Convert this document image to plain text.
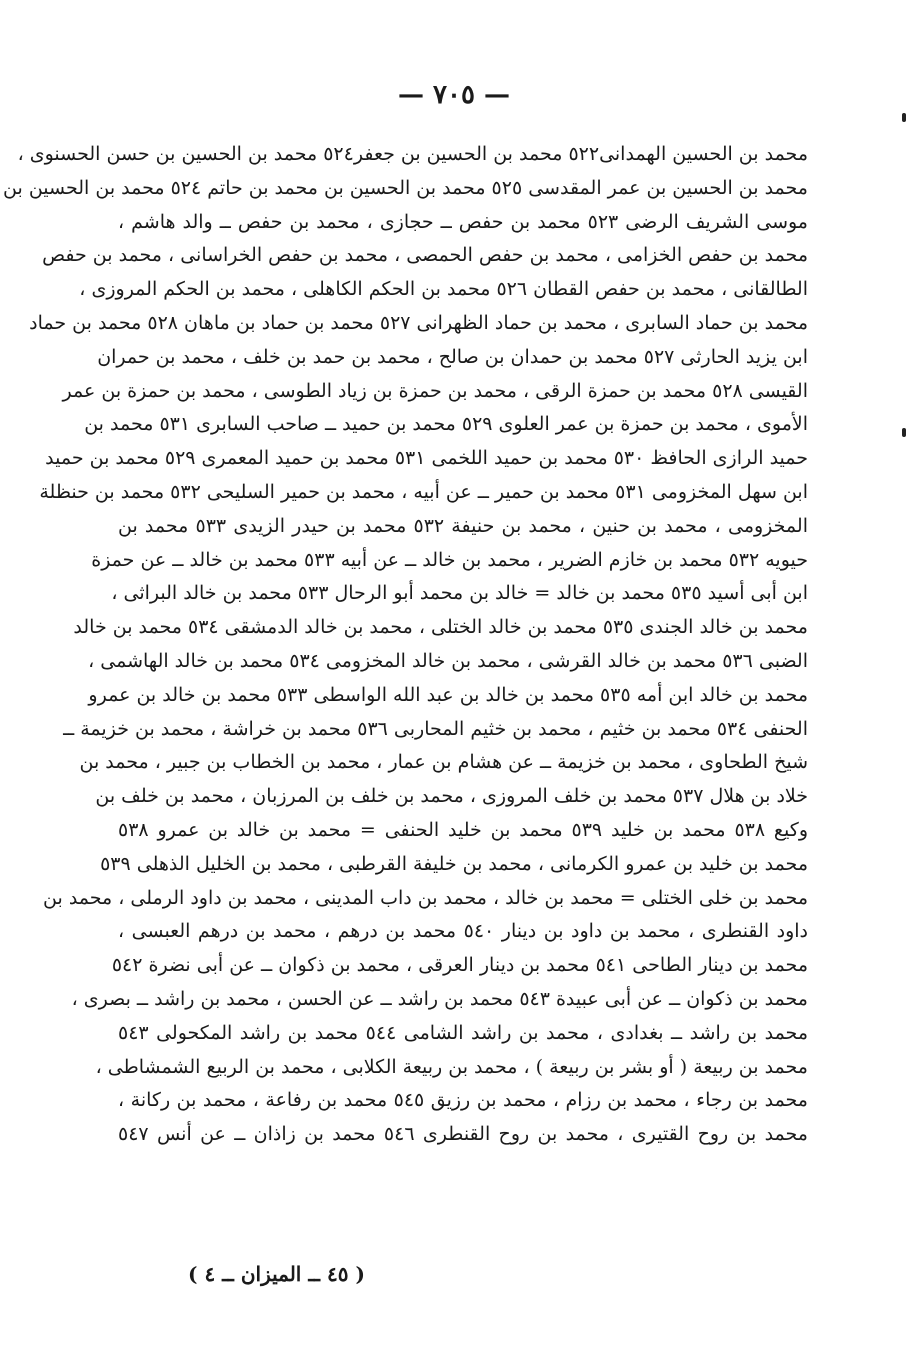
— ٧٠٥ —
محمد بن الحسين الهمدانى٥٢٢ محمد بن الحسين بن جعفر٥٢٤ محمد بن الحسين بن حسن الحسنوى ،
محمد بن الحسين بن عمر المقدسى ٥٢٥ محمد بن الحسين بن محمد بن حاتم ٥٢٤ محمد بن الحسين بن
موسى الشريف الرضى ٥٢٣ محمد بن حفص ــ حجازى ، محمد بن حفص ــ والد هاشم ،
محمد بن حفص الخزامى ، محمد بن حفص الحمصى ، محمد بن حفص الخراسانى ، محمد بن حفص
الطالقانى ، محمد بن حفص القطان ٥٢٦ محمد بن الحكم الكاهلى ، محمد بن الحكم المروزى ،
محمد بن حماد السابرى ، محمد بن حماد الظهرانى ٥٢٧ محمد بن حماد بن ماهان ٥٢٨ محمد بن حماد
ابن يزيد الحارثى ٥٢٧ محمد بن حمدان بن صالح ، محمد بن حمد بن خلف ، محمد بن حمران
القيسى ٥٢٨ محمد بن حمزة الرقى ، محمد بن حمزة بن زياد الطوسى ، محمد بن حمزة بن عمر
الأموى ، محمد بن حمزة بن عمر العلوى ٥٢٩ محمد بن حميد ــ صاحب السابرى ٥٣١ محمد بن
حميد الرازى الحافظ ٥٣٠ محمد بن حميد اللخمى ٥٣١ محمد بن حميد المعمرى ٥٢٩ محمد بن حميد
ابن سهل المخزومى ٥٣١ محمد بن حمير ــ عن أبيه ، محمد بن حمير السليحى ٥٣٢ محمد بن حنظلة
المخزومى ، محمد بن حنين ، محمد بن حنيفة ٥٣٢ محمد بن حيدر الزيدى ٥٣٣ محمد بن
حيويه ٥٣٢ محمد بن خازم الضرير ، محمد بن خالد ــ عن أبيه ٥٣٣ محمد بن خالد ــ عن حمزة
ابن أبى أسيد ٥٣٥ محمد بن خالد = خالد بن محمد أبو الرحال ٥٣٣ محمد بن خالد البراثى ،
محمد بن خالد الجندى ٥٣٥ محمد بن خالد الختلى ، محمد بن خالد الدمشقى ٥٣٤ محمد بن خالد
الضبى ٥٣٦ محمد بن خالد القرشى ، محمد بن خالد المخزومى ٥٣٤ محمد بن خالد الهاشمى ،
محمد بن خالد ابن أمه ٥٣٥ محمد بن خالد بن عبد الله الواسطى ٥٣٣ محمد بن خالد بن عمرو
الحنفى ٥٣٤ محمد بن خثيم ، محمد بن خثيم المحاربى ٥٣٦ محمد بن خراشة ، محمد بن خزيمة ــ
شيخ الطحاوى ، محمد بن خزيمة ــ عن هشام بن عمار ، محمد بن الخطاب بن جبير ، محمد بن
خلاد بن هلال ٥٣٧ محمد بن خلف المروزى ، محمد بن خلف بن المرزبان ، محمد بن خلف بن
وكيع ٥٣٨ محمد بن خليد ٥٣٩ محمد بن خليد الحنفى = محمد بن خالد بن عمرو ٥٣٨
محمد بن خليد بن عمرو الكرمانى ، محمد بن خليفة القرطبى ، محمد بن الخليل الذهلى ٥٣٩
محمد بن خلى الختلى = محمد بن خالد ، محمد بن داب المدينى ، محمد بن داود الرملى ، محمد بن
داود القنطرى ، محمد بن داود بن دينار ٥٤٠ محمد بن درهم ، محمد بن درهم العبسى ،
محمد بن دينار الطاحى ٥٤١ محمد بن دينار العرقى ، محمد بن ذكوان ــ عن أبى نضرة ٥٤٢
محمد بن ذكوان ــ عن أبى عبيدة ٥٤٣ محمد بن راشد ــ عن الحسن ، محمد بن راشد ــ بصرى ،
محمد بن راشد ــ بغدادى ، محمد بن راشد الشامى ٥٤٤ محمد بن راشد المكحولى ٥٤٣
محمد بن ربيعة ( أو بشر بن ربيعة ) ، محمد بن ربيعة الكلابى ، محمد بن الربيع الشمشاطى ،
محمد بن رجاء ، محمد بن رزام ، محمد بن رزيق ٥٤٥ محمد بن رفاعة ، محمد بن ركانة ،
محمد بن روح القتيرى ، محمد بن روح القنطرى ٥٤٦ محمد بن زاذان ــ عن أنس ٥٤٧
( ٤٥ ــ الميزان ــ ٤ )
